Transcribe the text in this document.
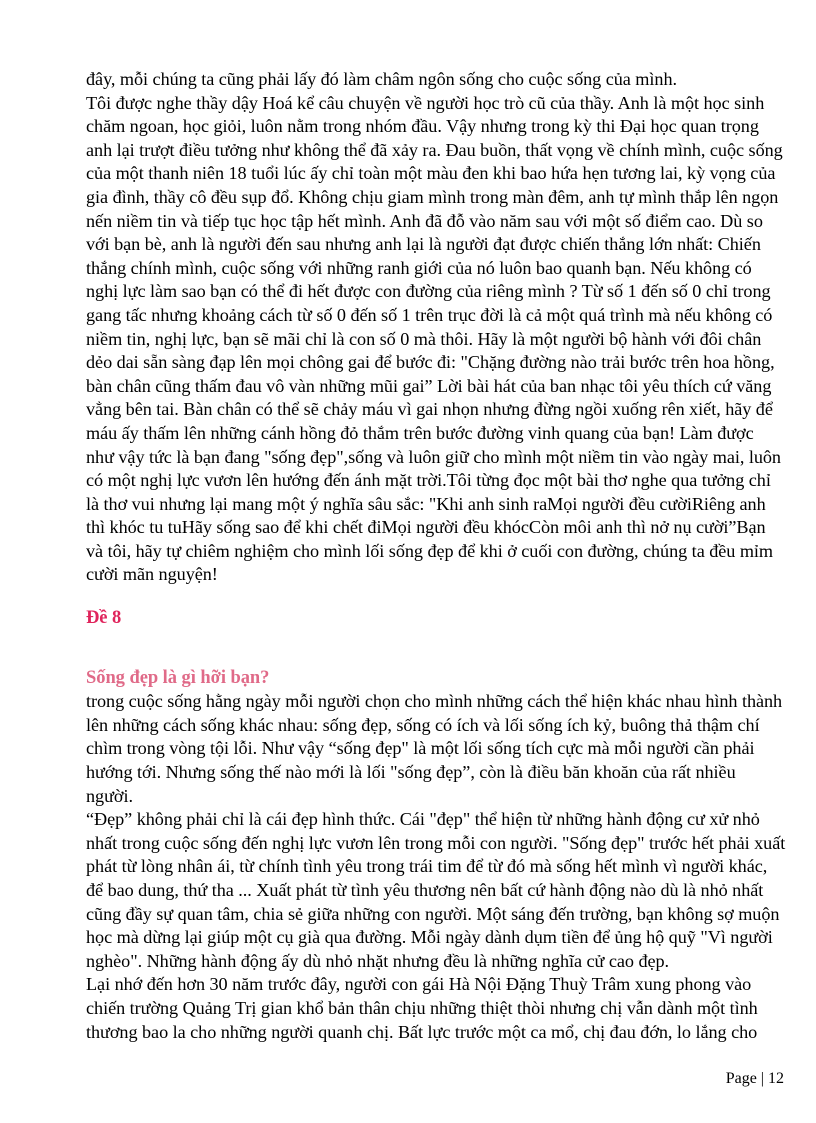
đây, mỗi chúng ta cũng phải lấy đó làm châm ngôn sống cho cuộc sống của mình.

Tôi được nghe thầy dậy Hoá kể câu chuyện về người học trò cũ của thầy. Anh là một học sinh chăm ngoan, học giỏi, luôn nằm trong nhóm đầu. Vậy nhưng trong kỳ thi Đại học quan trọng anh lại trượt điều tưởng như không thể đã xảy ra. Đau buồn, thất vọng về chính mình, cuộc sống của một thanh niên 18 tuổi lúc ấy chỉ toàn một màu đen khi bao hứa hẹn tương lai, kỳ vọng của gia đình, thầy cô đều sụp đổ. Không chịu giam mình trong màn đêm, anh tự mình thắp lên ngọn nến niềm tin và tiếp tục học tập hết mình. Anh đã đỗ vào năm sau với một số điểm cao. Dù so với bạn bè, anh là người đến sau nhưng anh lại là người đạt được chiến thắng lớn nhất: Chiến thắng chính mình, cuộc sống với những ranh giới của nó luôn bao quanh bạn. Nếu không có nghị lực làm sao bạn có thể đi hết được con đường của riêng mình ? Từ số 1 đến số 0 chỉ trong gang tấc nhưng khoảng cách từ số 0 đến số 1 trên trục đời là cả một quá trình mà nếu không có niềm tin, nghị lực, bạn sẽ mãi chỉ là con số 0 mà thôi. Hãy là một người bộ hành với đôi chân dẻo dai sẵn sàng đạp lên mọi chông gai để bước đi: "Chặng đường nào trải bước trên hoa hồng, bàn chân cũng thấm đau vô vàn những mũi gai” Lời bài hát của ban nhạc tôi yêu thích cứ văng vẳng bên tai. Bàn chân có thể sẽ chảy máu vì gai nhọn nhưng đừng ngồi xuống rên xiết, hãy để máu ấy thấm lên những cánh hồng đỏ thắm trên bước đường vinh quang của bạn! Làm được như vậy tức là bạn đang "sống đẹp",sống và luôn giữ cho mình một niềm tin vào ngày mai, luôn có một nghị lực vươn lên hướng đến ánh mặt trời.Tôi từng đọc một bài thơ nghe qua tưởng chỉ là thơ vui nhưng lại mang một ý nghĩa sâu sắc: "Khi anh sinh raMọi người đều cườiRiêng anh thì khóc tu tuHãy sống sao để khi chết điMọi người đều khócCòn môi anh thì nở nụ cười”Bạn và tôi, hãy tự chiêm nghiệm cho mình lối sống đẹp để khi ở cuối con đường, chúng ta đều mỉm cười mãn nguyện!

Đề 8

Sống đẹp là gì hỡi bạn?

trong cuộc sống hằng ngày mỗi người chọn cho mình những cách thể hiện khác nhau hình thành lên những cách sống khác nhau: sống đẹp, sống có ích và lối sống ích kỷ, buông thả thậm chí chìm trong vòng tội lỗi. Như vậy “sống đẹp" là một lối sống tích cực mà mỗi người cần phải hướng tới. Nhưng sống thế nào mới là lối "sống đẹp”, còn là điều băn khoăn của rất nhiều người.

“Đẹp” không phải chỉ là cái đẹp hình thức. Cái "đẹp" thể hiện từ những hành động cư xử nhỏ nhất trong cuộc sống đến nghị lực vươn lên trong mỗi con người. "Sống đẹp" trước hết phải xuất phát từ lòng nhân ái, từ chính tình yêu trong trái tim để từ đó mà sống hết mình vì người khác, để bao dung, thứ tha ... Xuất phát từ tình yêu thương nên bất cứ hành động nào dù là nhỏ nhất cũng đầy sự quan tâm, chia sẻ giữa những con người. Một sáng đến trường, bạn không sợ muộn học mà dừng lại giúp một cụ già qua đường. Mỗi ngày dành dụm tiền để ủng hộ quỹ "Vì người nghèo". Những hành động ấy dù nhỏ nhặt nhưng đều là những nghĩa cử cao đẹp.

Lại nhớ đến hơn 30 năm trước đây, người con gái Hà Nội Đặng Thuỳ Trâm xung phong vào chiến trường Quảng Trị gian khổ bản thân chịu những thiệt thòi nhưng chị vẫn dành một tình thương bao la cho những người quanh chị. Bất lực trước một ca mổ, chị đau đớn, lo lắng cho

Page | 12
